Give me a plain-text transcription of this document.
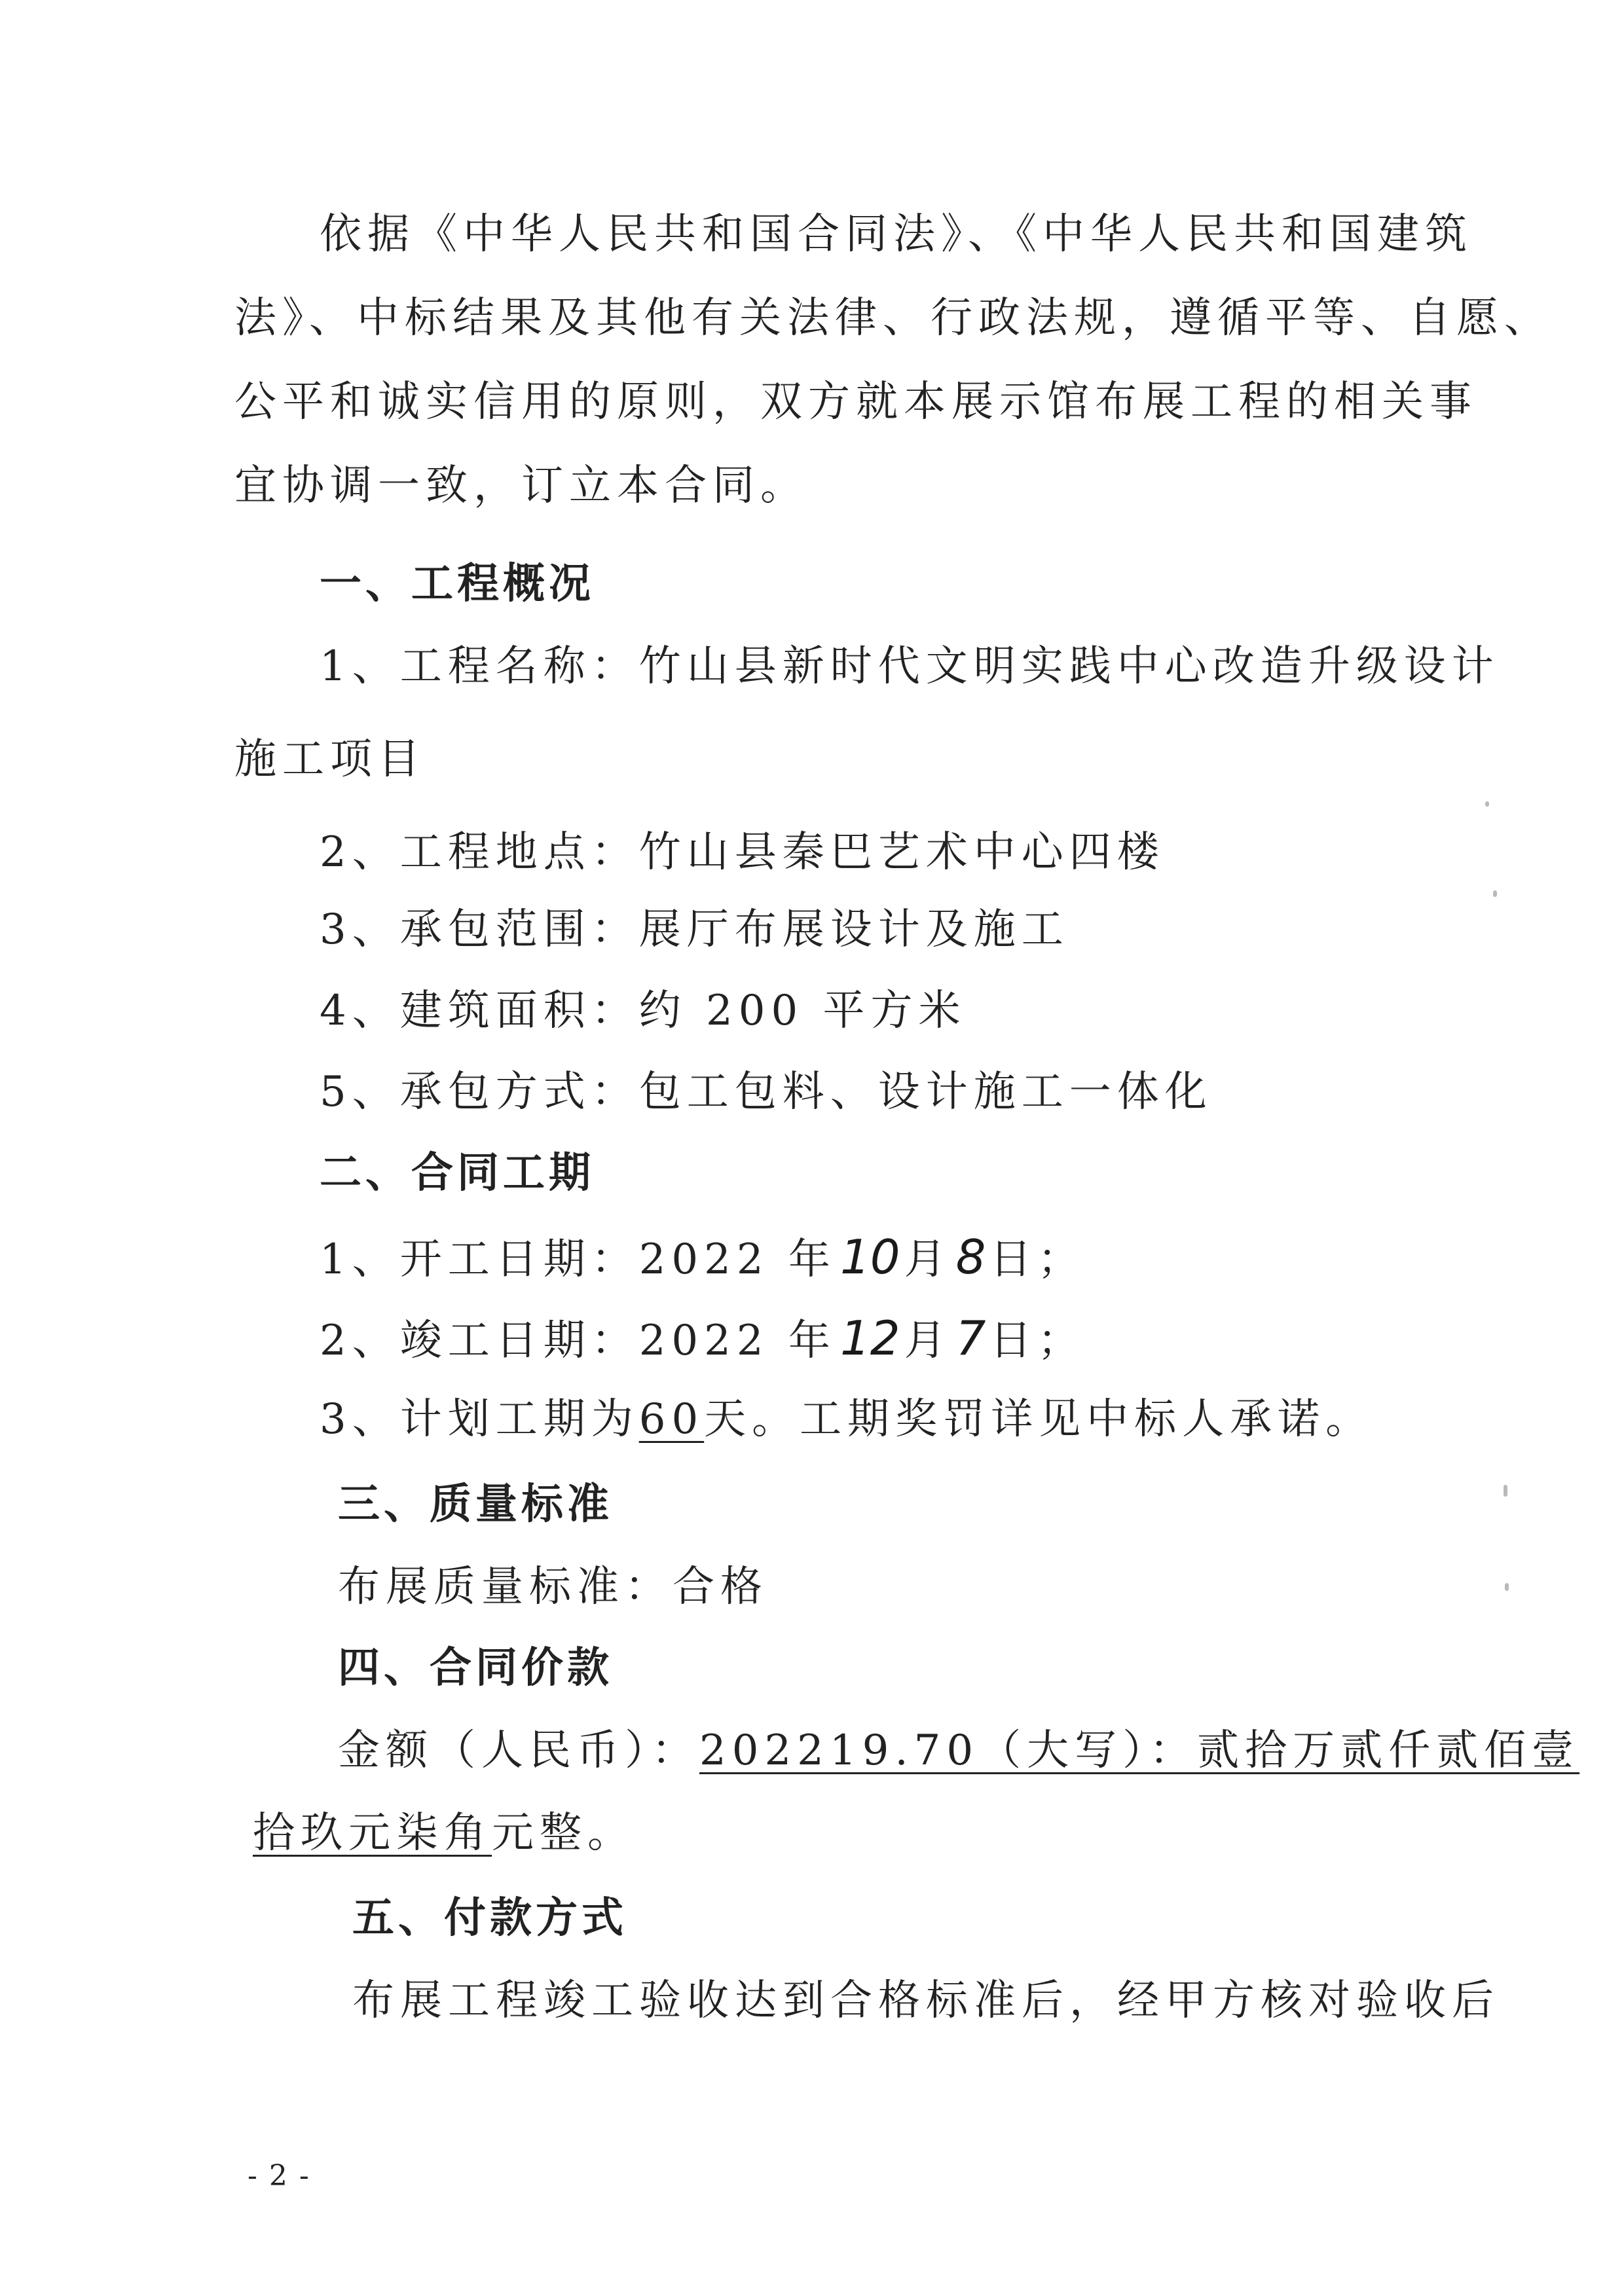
依据《中华人民共和国合同法》、《中华人民共和国建筑
法》、中标结果及其他有关法律、行政法规，遵循平等、自愿、
公平和诚实信用的原则，双方就本展示馆布展工程的相关事
宜协调一致，订立本合同。
一、工程概况
1、工程名称：竹山县新时代文明实践中心改造升级设计
施工项目
2、工程地点：竹山县秦巴艺术中心四楼
3、承包范围：展厅布展设计及施工
4、建筑面积：约 200 平方米
5、承包方式：包工包料、设计施工一体化
二、合同工期
1、开工日期：2022 年10月8日；
2、竣工日期：2022 年12月7日；
3、计划工期为60天。工期奖罚详见中标人承诺。
三、质量标准
布展质量标准：合格
四、合同价款
金额（人民币）：202219.70（大写）：贰拾万贰仟贰佰壹
拾玖元柒角元整。
五、付款方式
布展工程竣工验收达到合格标准后，经甲方核对验收后
- 2 -
